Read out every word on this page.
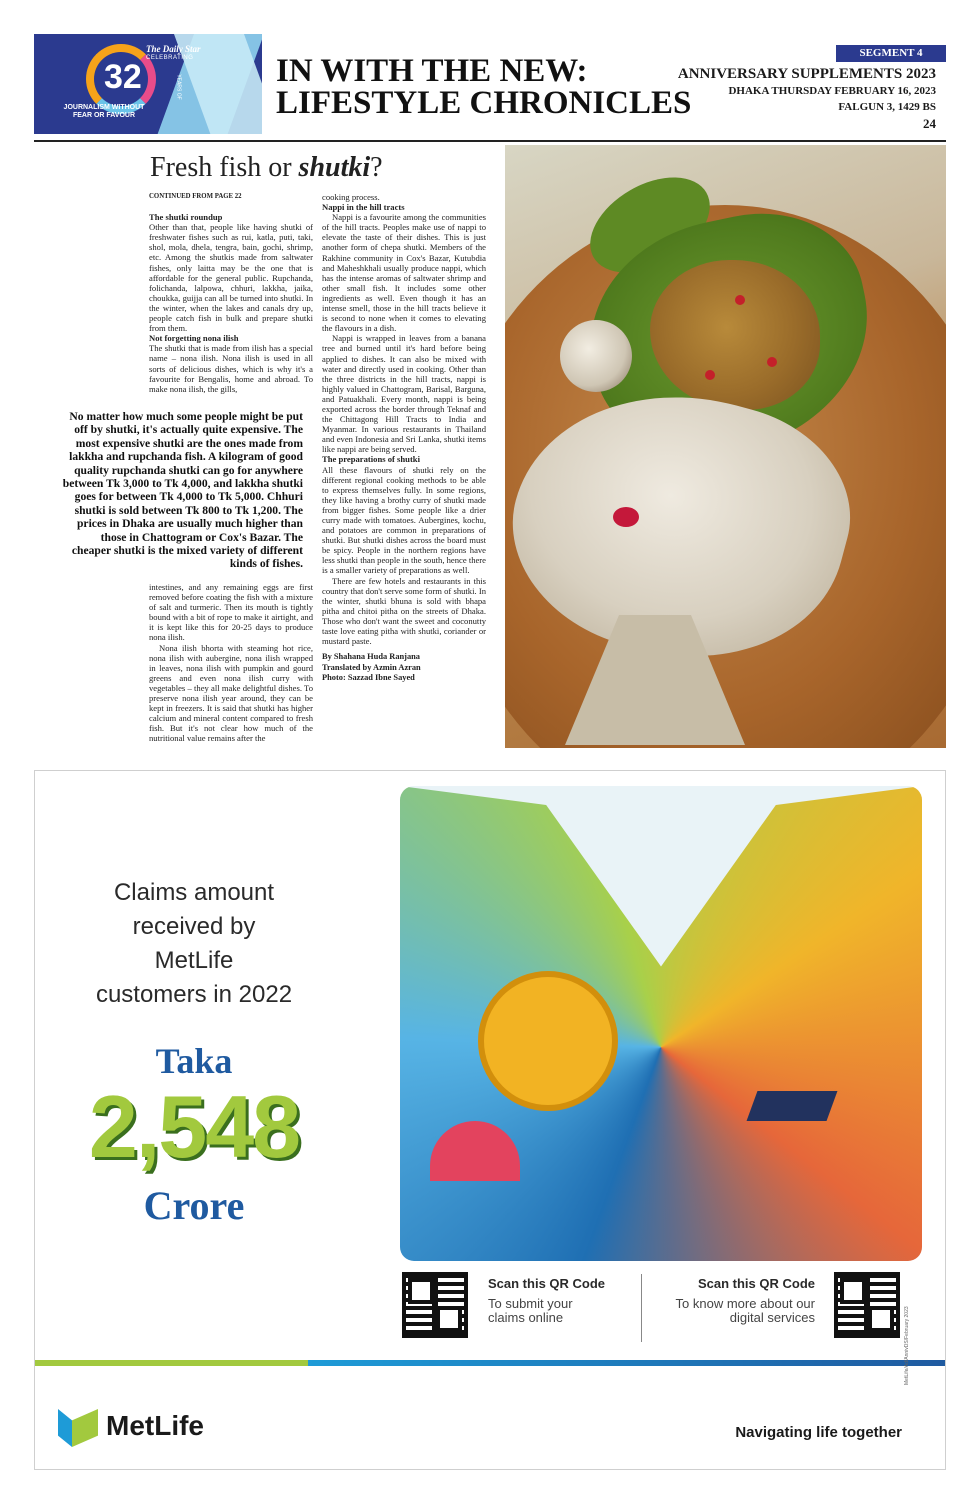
32
The Daily Star
CELEBRATING
YEARS OF
JOURNALISM WITHOUT FEAR OR FAVOUR
IN WITH THE NEW:
LIFESTYLE CHRONICLES
SEGMENT 4
ANNIVERSARY SUPPLEMENTS 2023
DHAKA THURSDAY FEBRUARY 16, 2023
FALGUN 3, 1429 BS
24
Fresh fish or shutki?

CONTINUED FROM PAGE 22

The shutki roundup

Other than that, people like having shutki of freshwater fishes such as rui, katla, puti, taki, shol, mola, dhela, tengra, bain, gochi, shrimp, etc. Among the shutkis made from saltwater fishes, only laitta may be the one that is affordable for the general public. Rupchanda, folichanda, lalpowa, chhuri, lakkha, jaika, choukka, guijja can all be turned into shutki. In the winter, when the lakes and canals dry up, people catch fish in bulk and prepare shutki from them.

Not forgetting nona ilish

The shutki that is made from ilish has a special name – nona ilish. Nona ilish is used in all sorts of delicious dishes, which is why it's a favourite for Bengalis, home and abroad. To make nona ilish, the gills,

No matter how much some people might be put off by shutki, it's actually quite expensive. The most expensive shutki are the ones made from lakkha and rupchanda fish. A kilogram of good quality rupchanda shutki can go for anywhere between Tk 3,000 to Tk 4,000, and lakkha shutki goes for between Tk 4,000 to Tk 5,000. Chhuri shutki is sold between Tk 800 to Tk 1,200. The prices in Dhaka are usually much higher than those in Chattogram or Cox's Bazar. The cheaper shutki is the mixed variety of different kinds of fishes.

intestines, and any remaining eggs are first removed before coating the fish with a mixture of salt and turmeric. Then its mouth is tightly bound with a bit of rope to make it airtight, and it is kept like this for 20-25 days to produce nona ilish.

Nona ilish bhorta with steaming hot rice, nona ilish with aubergine, nona ilish wrapped in leaves, nona ilish with pumpkin and gourd greens and even nona ilish curry with vegetables – they all make delightful dishes. To preserve nona ilish year around, they can be kept in freezers. It is said that shutki has higher calcium and mineral content compared to fresh fish. But it's not clear how much of the nutritional value remains after the

cooking process.

Nappi in the hill tracts

Nappi is a favourite among the communities of the hill tracts. Peoples make use of nappi to elevate the taste of their dishes. This is just another form of chepa shutki. Members of the Rakhine community in Cox's Bazar, Kutubdia and Maheshkhali usually produce nappi, which has the intense aromas of saltwater shrimp and other small fish. It includes some other ingredients as well. Even though it has an intense smell, those in the hill tracts believe it is second to none when it comes to elevating the flavours in a dish.

Nappi is wrapped in leaves from a banana tree and burned until it's hard before being applied to dishes. It can also be mixed with water and directly used in cooking. Other than the three districts in the hill tracts, nappi is highly valued in Chattogram, Barisal, Barguna, and Patuakhali. Every month, nappi is being exported across the border through Teknaf and the Chittagong Hill Tracts to India and Myanmar. In various restaurants in Thailand and even Indonesia and Sri Lanka, shutki items like nappi are being served.

The preparations of shutki

All these flavours of shutki rely on the different regional cooking methods to be able to express themselves fully. In some regions, they like having a brothy curry of shutki made from bigger fishes. Some people like a drier curry made with tomatoes. Aubergines, kochu, and potatoes are common in preparations of shutki. But shutki dishes across the board must be spicy. People in the northern regions have less shutki than people in the south, hence there is a smaller variety of preparations as well.

There are few hotels and restaurants in this country that don't serve some form of shutki. In the winter, shutki bhuna is sold with bhapa pitha and chitoi pitha on the streets of Dhaka. Those who don't want the sweet and coconutty taste love eating pitha with shutki, coriander or mustard paste.

By Shahana Huda Ranjana
Translated by Azmin Azran
Photo: Sazzad Ibne Sayed
Claims amount
received by
MetLife
customers in 2022
Taka
2,548
Crore
Scan this QR Code
To submit your
claims online
Scan this QR Code
To know more about our
digital services
MetLife	Navigating life together
MetLife/Ad/AnnivDS/February 2023
